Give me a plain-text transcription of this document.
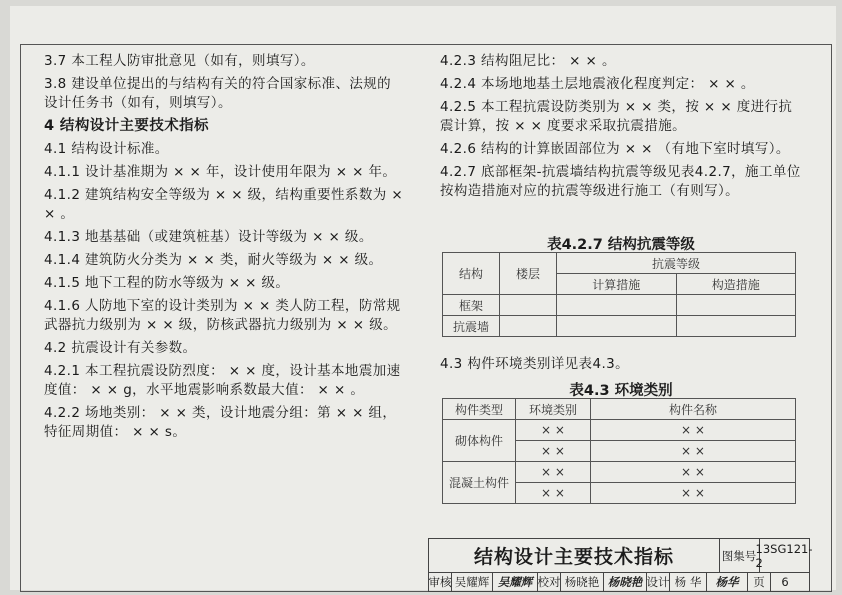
3.7 本工程人防审批意见（如有，则填写）。

3.8 建设单位提出的与结构有关的符合国家标准、法规的设计任务书（如有，则填写）。

4 结构设计主要技术指标

4.1 结构设计标准。

4.1.1 设计基准期为 × × 年，设计使用年限为 × × 年。

4.1.2 建筑结构安全等级为 × × 级，结构重要性系数为 × × 。

4.1.3 地基基础（或建筑桩基）设计等级为 × × 级。

4.1.4 建筑防火分类为 × × 类，耐火等级为 × × 级。

4.1.5 地下工程的防水等级为 × × 级。

4.1.6 人防地下室的设计类别为 × × 类人防工程，防常规武器抗力级别为 × × 级，防核武器抗力级别为 × × 级。

4.2 抗震设计有关参数。

4.2.1 本工程抗震设防烈度： × × 度，设计基本地震加速度值： × × g，水平地震影响系数最大值： × × 。

4.2.2 场地类别： × × 类，设计地震分组：第 × × 组， 特征周期值： × × s。

4.2.3 结构阻尼比： × × 。

4.2.4 本场地地基土层地震液化程度判定： × × 。

4.2.5 本工程抗震设防类别为 × × 类，按 × × 度进行抗震计算，按 × × 度要求采取抗震措施。

4.2.6 结构的计算嵌固部位为 × × （有地下室时填写）。

4.2.7 底部框架-抗震墙结构抗震等级见表4.2.7，施工单位按构造措施对应的抗震等级进行施工（有则写）。

表4.2.7 结构抗震等级
结构	楼层	抗震等级	
		计算措施	构造措施
框架			
抗震墙			
4.3 构件环境类别详见表4.3。
表4.3 环境类别
构件类型	环境类别	构件名称
砌体构件	× ×	× ×
	× ×	× ×
混凝土构件	× ×	× ×
	× ×	× ×
结构设计主要技术指标	图集号 13SG121-2
审核 吴耀辉 吴耀辉 校对 杨晓艳 杨晓艳 设计 杨 华	杨华	页	6
